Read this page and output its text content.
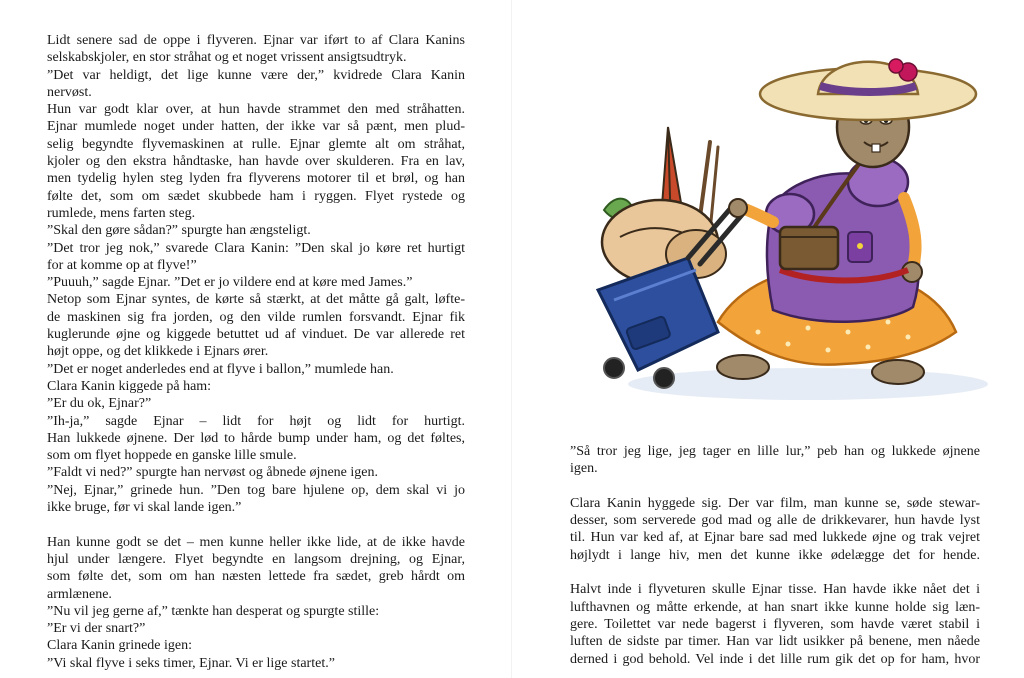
Lidt senere sad de oppe i flyveren. Ejnar var iført to af Clara Kanins
selskabskjoler, en stor stråhat og et noget vrissent ansigtsudtryk.
”Det var heldigt, det lige kunne være der,” kvidrede Clara Kanin
nervøst.
Hun var godt klar over, at hun havde strammet den med stråhatten.
Ejnar mumlede noget under hatten, der ikke var så pænt, men plud-
selig begyndte flyvemaskinen at rulle. Ejnar glemte alt om stråhat,
kjoler og den ekstra håndtaske, han havde over skulderen. Fra en lav,
men tydelig hylen steg lyden fra flyverens motorer til et brøl, og han
følte det, som om sædet skubbede ham i ryggen. Flyet rystede og
rumlede, mens farten steg.
”Skal den gøre sådan?” spurgte han ængsteligt.
”Det tror jeg nok,” svarede Clara Kanin: ”Den skal jo køre ret hurtigt
for at komme op at flyve!”
”Puuuh,” sagde Ejnar. ”Det er jo vildere end at køre med James.”
Netop som Ejnar syntes, de kørte så stærkt, at det måtte gå galt, løfte-
de maskinen sig fra jorden, og den vilde rumlen forsvandt. Ejnar fik
kuglerunde øjne og kiggede betuttet ud af vinduet. De var allerede ret
højt oppe, og det klikkede i Ejnars ører.
”Det er noget anderledes end at flyve i ballon,” mumlede han.
Clara Kanin kiggede på ham:
”Er du ok, Ejnar?”
”Ih-ja,” sagde Ejnar – lidt for højt og lidt for hurtigt.
Han lukkede øjnene. Der lød to hårde bump under ham, og det føltes,
som om flyet hoppede en ganske lille smule.
”Faldt vi ned?” spurgte han nervøst og åbnede øjnene igen.
”Nej, Ejnar,” grinede hun. ”Den tog bare hjulene op, dem skal vi jo
ikke bruge, før vi skal lande igen.”
Han kunne godt se det – men kunne heller ikke lide, at de ikke havde
hjul under længere. Flyet begyndte en langsom drejning, og Ejnar,
som følte det, som om han næsten lettede fra sædet, greb hårdt om
armlænene.
”Nu vil jeg gerne af,” tænkte han desperat og spurgte stille:
”Er vi der snart?”
Clara Kanin grinede igen:
”Vi skal flyve i seks timer, Ejnar. Vi er lige startet.”
”Så tror jeg lige, jeg tager en lille lur,” peb han og lukkede øjnene
igen.
Clara Kanin hyggede sig. Der var film, man kunne se, søde stewar-
desser, som serverede god mad og alle de drikkevarer, hun havde lyst
til. Hun var ked af, at Ejnar bare sad med lukkede øjne og trak vejret
højlydt i lange hiv, men det kunne ikke ødelægge det for hende.
Halvt inde i flyveturen skulle Ejnar tisse. Han havde ikke nået det i
lufthavnen og måtte erkende, at han snart ikke kunne holde sig læn-
gere. Toilettet var nede bagerst i flyveren, som havde været stabil i
luften de sidste par timer. Han var lidt usikker på benene, men nåede
derned i god behold. Vel inde i det lille rum gik det op for ham, hvor
